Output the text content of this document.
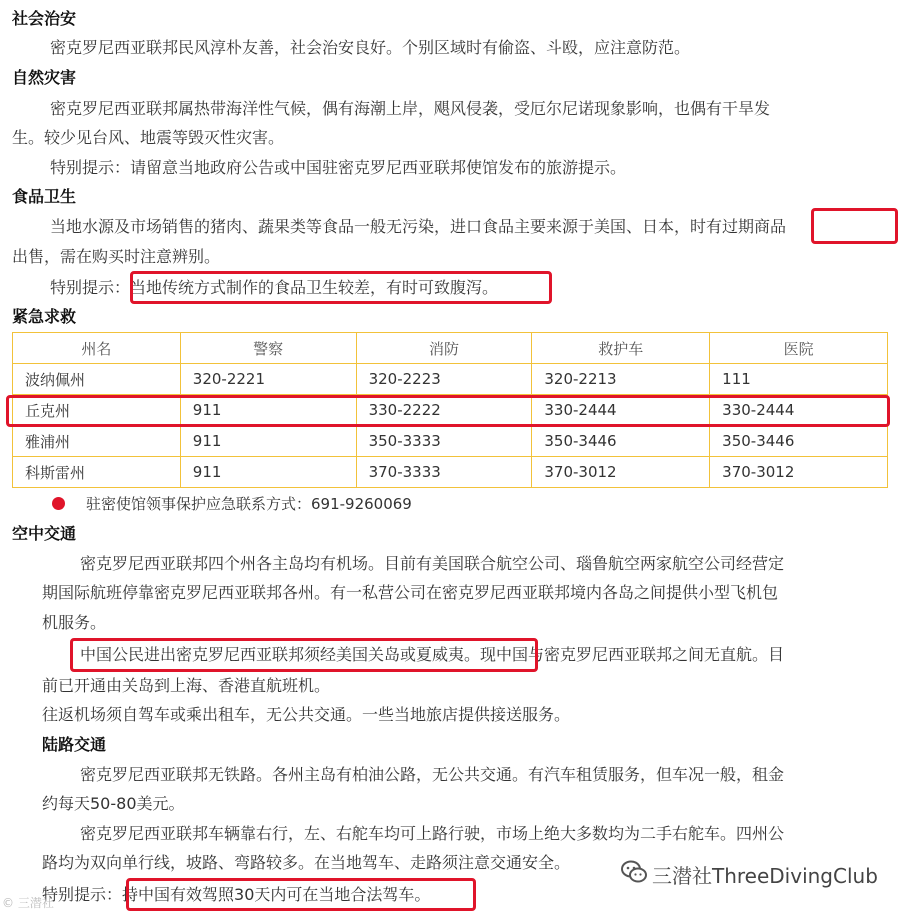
社会治安
密克罗尼西亚联邦民风淳朴友善，社会治安良好。个别区域时有偷盗、斗殴，应注意防范。
自然灾害
密克罗尼西亚联邦属热带海洋性气候，偶有海潮上岸，飓风侵袭，受厄尔尼诺现象影响，也偶有干旱发
生。较少见台风、地震等毁灭性灾害。
特别提示：请留意当地政府公告或中国驻密克罗尼西亚联邦使馆发布的旅游提示。
食品卫生
当地水源及市场销售的猪肉、蔬果类等食品一般无污染，进口食品主要来源于美国、日本，时有过期商品
出售，需在购买时注意辨别。
特别提示：当地传统方式制作的食品卫生较差，有时可致腹泻。
紧急求救
州名	警察	消防	救护车	医院
波纳佩州	320-2221	320-2223	320-2213	111
丘克州	911	330-2222	330-2444	330-2444
雅浦州	911	350-3333	350-3446	350-3446
科斯雷州	911	370-3333	370-3012	370-3012
驻密使馆领事保护应急联系方式：691-9260069
空中交通
密克罗尼西亚联邦四个州各主岛均有机场。目前有美国联合航空公司、瑙鲁航空两家航空公司经营定
期国际航班停靠密克罗尼西亚联邦各州。有一私营公司在密克罗尼西亚联邦境内各岛之间提供小型飞机包
机服务。
中国公民进出密克罗尼西亚联邦须经美国关岛或夏威夷。现中国与密克罗尼西亚联邦之间无直航。目
前已开通由关岛到上海、香港直航班机。
往返机场须自驾车或乘出租车，无公共交通。一些当地旅店提供接送服务。
陆路交通
密克罗尼西亚联邦无铁路。各州主岛有柏油公路，无公共交通。有汽车租赁服务，但车况一般，租金
约每天50-80美元。
密克罗尼西亚联邦车辆靠右行，左、右舵车均可上路行驶，市场上绝大多数均为二手右舵车。四州公
路均为双向单行线，坡路、弯路较多。在当地驾车、走路须注意交通安全。
特别提示：持中国有效驾照30天内可在当地合法驾车。
三潜社ThreeDivingClub
© 三潜社
